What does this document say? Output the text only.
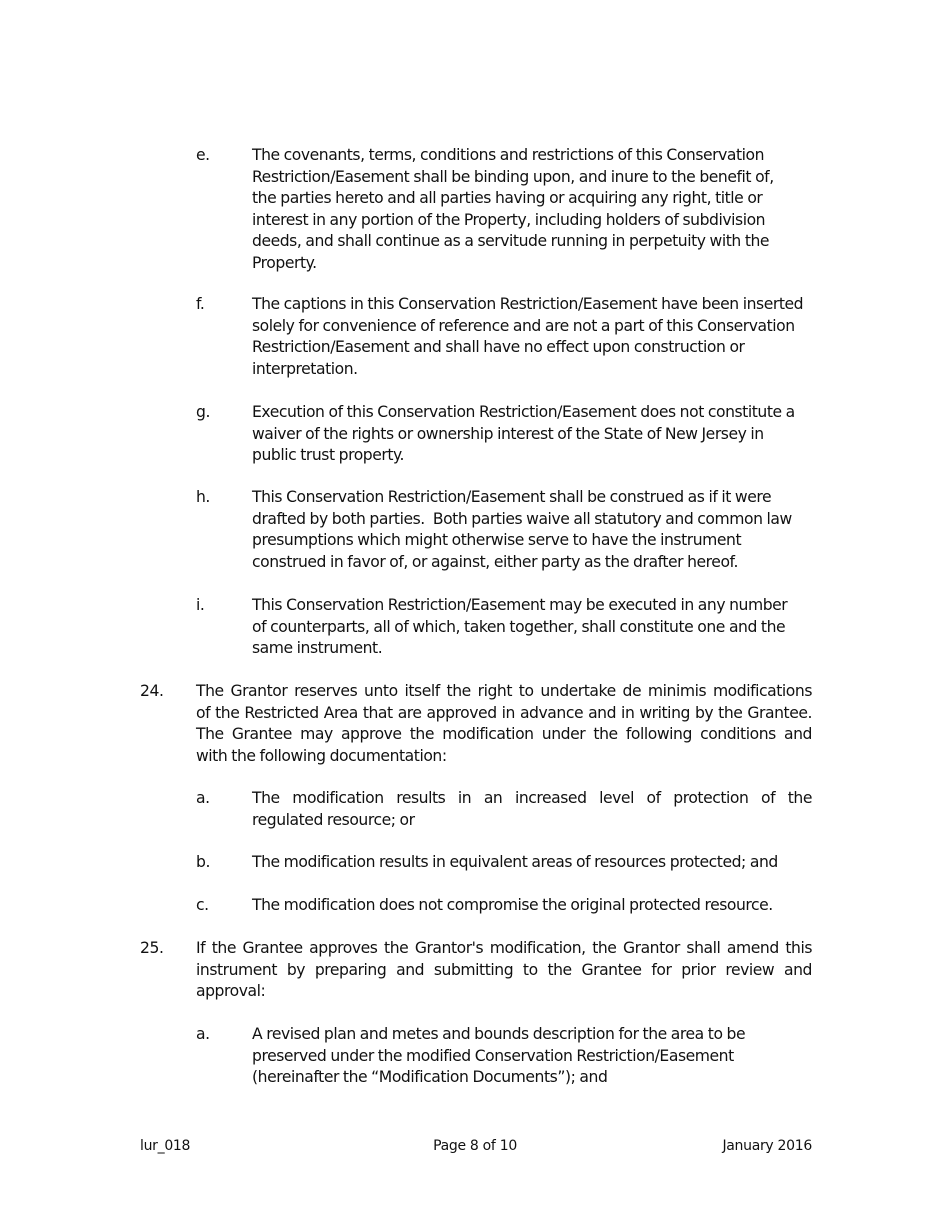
e.	The covenants, terms, conditions and restrictions of this Conservation
Restriction/Easement shall be binding upon, and inure to the benefit of,
the parties hereto and all parties having or acquiring any right, title or
interest in any portion of the Property, including holders of subdivision
deeds, and shall continue as a servitude running in perpetuity with the
Property.
f.	The captions in this Conservation Restriction/Easement have been inserted
solely for convenience of reference and are not a part of this Conservation
Restriction/Easement and shall have no effect upon construction or
interpretation.
g.	Execution of this Conservation Restriction/Easement does not constitute a
waiver of the rights or ownership interest of the State of New Jersey in
public trust property.
h.	This Conservation Restriction/Easement shall be construed as if it were
drafted by both parties.  Both parties waive all statutory and common law
presumptions which might otherwise serve to have the instrument
construed in favor of, or against, either party as the drafter hereof.
i.	This Conservation Restriction/Easement may be executed in any number
of counterparts, all of which, taken together, shall constitute one and the
same instrument.
24. The Grantor reserves unto itself the right to undertake de minimis modifications
of the Restricted Area that are approved in advance and in writing by the Grantee.
The Grantee may approve the modification under the following conditions and
with the following documentation:
a.	The modification results in an increased level of protection of the
regulated resource; or
b.	The modification results in equivalent areas of resources protected; and
c.	The modification does not compromise the original protected resource.
25. If the Grantee approves the Grantor's modification, the Grantor shall amend this
instrument by preparing and submitting to the Grantee for prior review and
approval:
a.	A revised plan and metes and bounds description for the area to be
preserved under the modified Conservation Restriction/Easement
(hereinafter the “Modification Documents”); and
lur_018	Page 8 of 10	January 2016
